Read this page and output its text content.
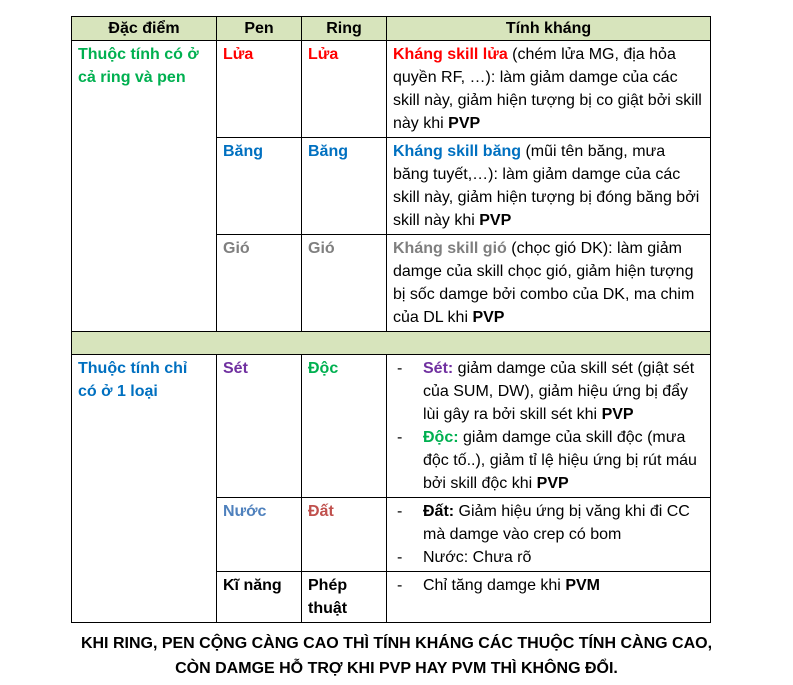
Đặc điểm	Pen	Ring	Tính kháng
Thuộc tính có ở cả ring và pen	Lửa	Lửa	Kháng skill lửa (chém lửa MG, địa hỏa quyền RF, …): làm giảm damge của các skill này, giảm hiện tượng bị co giật bởi skill này khi PVP
	Băng	Băng	Kháng skill băng (mũi tên băng, mưa băng tuyết,…): làm giảm damge của các skill này, giảm hiện tượng bị đóng băng bởi skill này khi PVP
	Gió	Gió	Kháng skill gió (chọc gió DK): làm giảm damge của skill chọc gió, giảm hiện tượng bị sốc damge bởi combo của DK, ma chim của DL khi PVP

Thuộc tính chỉ có ở 1 loại	Sét	Độc	- Sét: giảm damge của skill sét (giật sét của SUM, DW), giảm hiệu ứng bị đẩy lùi gây ra bởi skill sét khi PVP
- Độc: giảm damge của skill độc (mưa độc tố..), giảm tỉ lệ hiệu ứng bị rút máu bởi skill độc khi PVP

	Nước	Đất	- Đất: Giảm hiệu ứng bị văng khi đi CC mà damge vào crep có bom
- Nước: Chưa rõ

	Kĩ năng	Phép thuật	- Chỉ tăng damge khi PVM
KHI RING, PEN CỘNG CÀNG CAO THÌ TÍNH KHÁNG CÁC THUỘC TÍNH CÀNG CAO,
CÒN DAMGE HỖ TRỢ KHI PVP HAY PVM THÌ KHÔNG ĐỔI.
